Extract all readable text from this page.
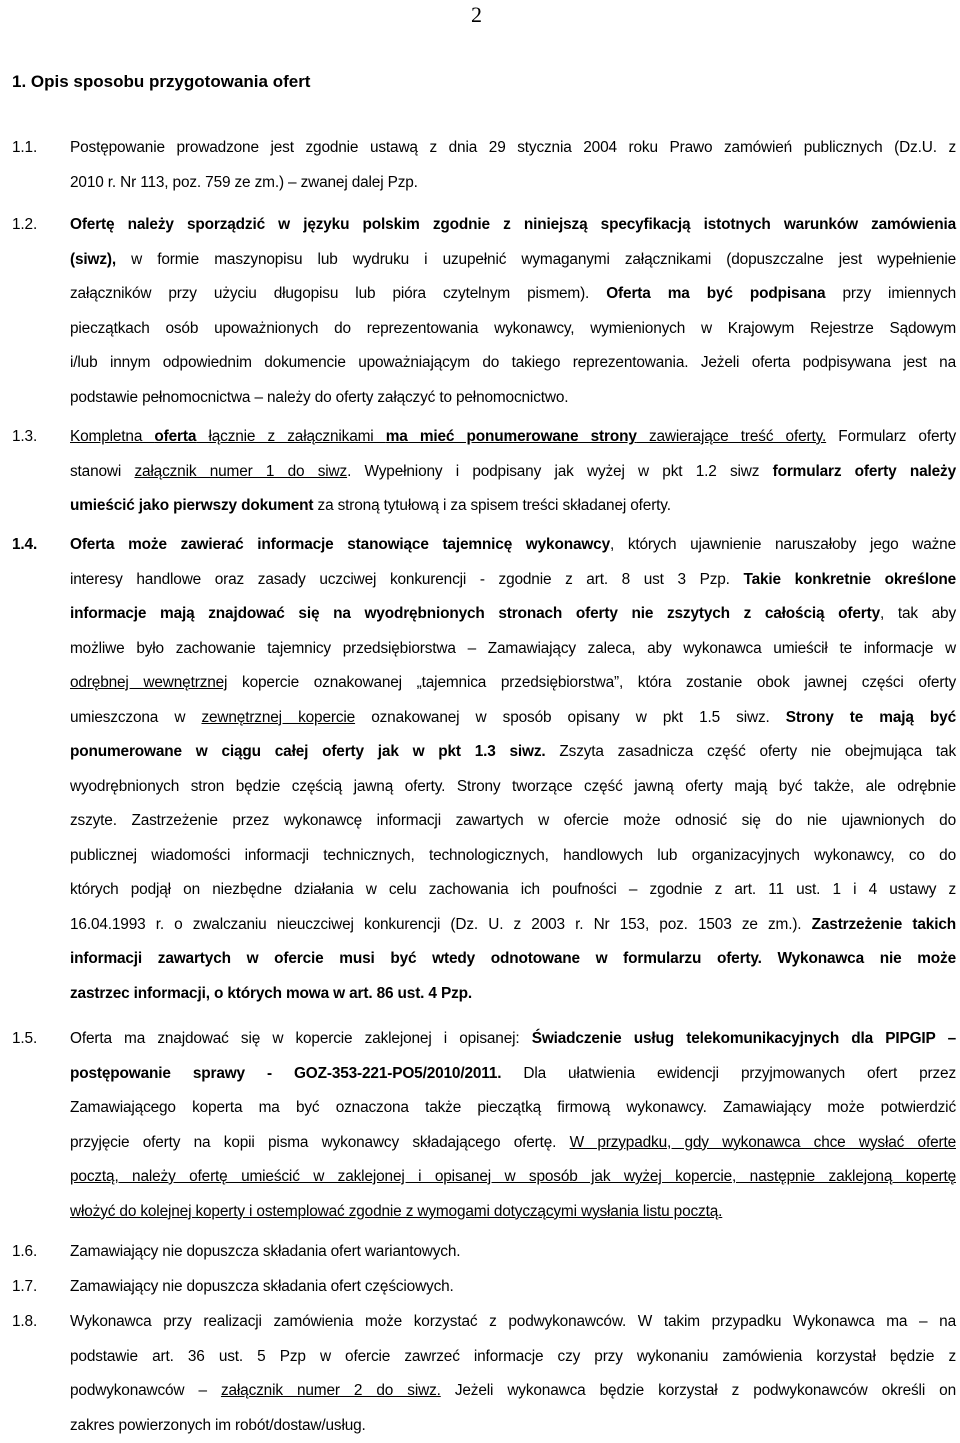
2
1. Opis sposobu przygotowania ofert
1.1.	Postępowanie prowadzone jest zgodnie ustawą z dnia 29 stycznia 2004 roku Prawo zamówień publicznych (Dz.U. z
2010 r. Nr 113, poz. 759 ze zm.) – zwanej dalej Pzp.
1.2.	Ofertę należy sporządzić w języku polskim zgodnie z niniejszą specyfikacją istotnych warunków zamówienia
(siwz), w formie maszynopisu lub wydruku i uzupełnić wymaganymi załącznikami (dopuszczalne jest wypełnienie
załączników przy użyciu długopisu lub pióra czytelnym pismem). Oferta ma być podpisana przy imiennych
pieczątkach osób upoważnionych do reprezentowania wykonawcy, wymienionych w Krajowym Rejestrze Sądowym
i/lub innym odpowiednim dokumencie upoważniającym do takiego reprezentowania. Jeżeli oferta podpisywana jest na
podstawie pełnomocnictwa – należy do oferty załączyć to pełnomocnictwo.
1.3.	Kompletna oferta łącznie z załącznikami ma mieć ponumerowane strony zawierające treść oferty. Formularz oferty
stanowi załącznik numer 1 do siwz. Wypełniony i podpisany jak wyżej w pkt 1.2 siwz formularz oferty należy
umieścić jako pierwszy dokument za stroną tytułową i za spisem treści składanej oferty.
1.4.	Oferta może zawierać informacje stanowiące tajemnicę wykonawcy, których ujawnienie naruszałoby jego ważne
interesy handlowe oraz zasady uczciwej konkurencji - zgodnie z art. 8 ust 3 Pzp. Takie konkretnie określone
informacje mają znajdować się na wyodrębnionych stronach oferty nie zszytych z całością oferty, tak aby
możliwe było zachowanie tajemnicy przedsiębiorstwa – Zamawiający zaleca, aby wykonawca umieścił te informacje w
odrębnej wewnętrznej kopercie oznakowanej „tajemnica przedsiębiorstwa”, która zostanie obok jawnej części oferty
umieszczona w zewnętrznej kopercie oznakowanej w sposób opisany w pkt 1.5 siwz. Strony te mają być
ponumerowane w ciągu całej oferty jak w pkt 1.3 siwz. Zszyta zasadnicza część oferty nie obejmująca tak
wyodrębnionych stron będzie częścią jawną oferty. Strony tworzące część jawną oferty mają być także, ale odrębnie
zszyte. Zastrzeżenie przez wykonawcę informacji zawartych w ofercie może odnosić się do nie ujawnionych do
publicznej wiadomości informacji technicznych, technologicznych, handlowych lub organizacyjnych wykonawcy, co do
których podjął on niezbędne działania w celu zachowania ich poufności – zgodnie z art. 11 ust. 1 i 4 ustawy z
16.04.1993 r. o zwalczaniu nieuczciwej konkurencji (Dz. U. z 2003 r. Nr 153, poz. 1503 ze zm.). Zastrzeżenie takich
informacji zawartych w ofercie musi być wtedy odnotowane w formularzu oferty. Wykonawca nie może
zastrzec informacji, o których mowa w art. 86 ust. 4 Pzp.
1.5.	Oferta ma znajdować się w kopercie zaklejonej i opisanej: Świadczenie usług telekomunikacyjnych dla PIPGIP –
postępowanie sprawy - GOZ-353-221-PO5/2010/2011. Dla ułatwienia ewidencji przyjmowanych ofert przez
Zamawiającego koperta ma być oznaczona także pieczątką firmową wykonawcy. Zamawiający może potwierdzić
przyjęcie oferty na kopii pisma wykonawcy składającego ofertę. W przypadku, gdy wykonawca chce wysłać oferte
pocztą, należy ofertę umieścić w zaklejonej i opisanej w sposób jak wyżej kopercie, następnie zaklejoną kopertę
włożyć do kolejnej koperty i ostemplować zgodnie z wymogami dotyczącymi wysłania listu pocztą.
1.6.	Zamawiający nie dopuszcza składania ofert wariantowych.
1.7.	Zamawiający nie dopuszcza składania ofert częściowych.
1.8.	Wykonawca przy realizacji zamówienia może korzystać z podwykonawców. W takim przypadku Wykonawca ma – na
podstawie art. 36 ust. 5 Pzp w ofercie zawrzeć informacje czy przy wykonaniu zamówienia korzystał będzie z
podwykonawców – załącznik numer 2 do siwz. Jeżeli wykonawca będzie korzystał z podwykonawców określi on
zakres powierzonych im robót/dostaw/usług.
